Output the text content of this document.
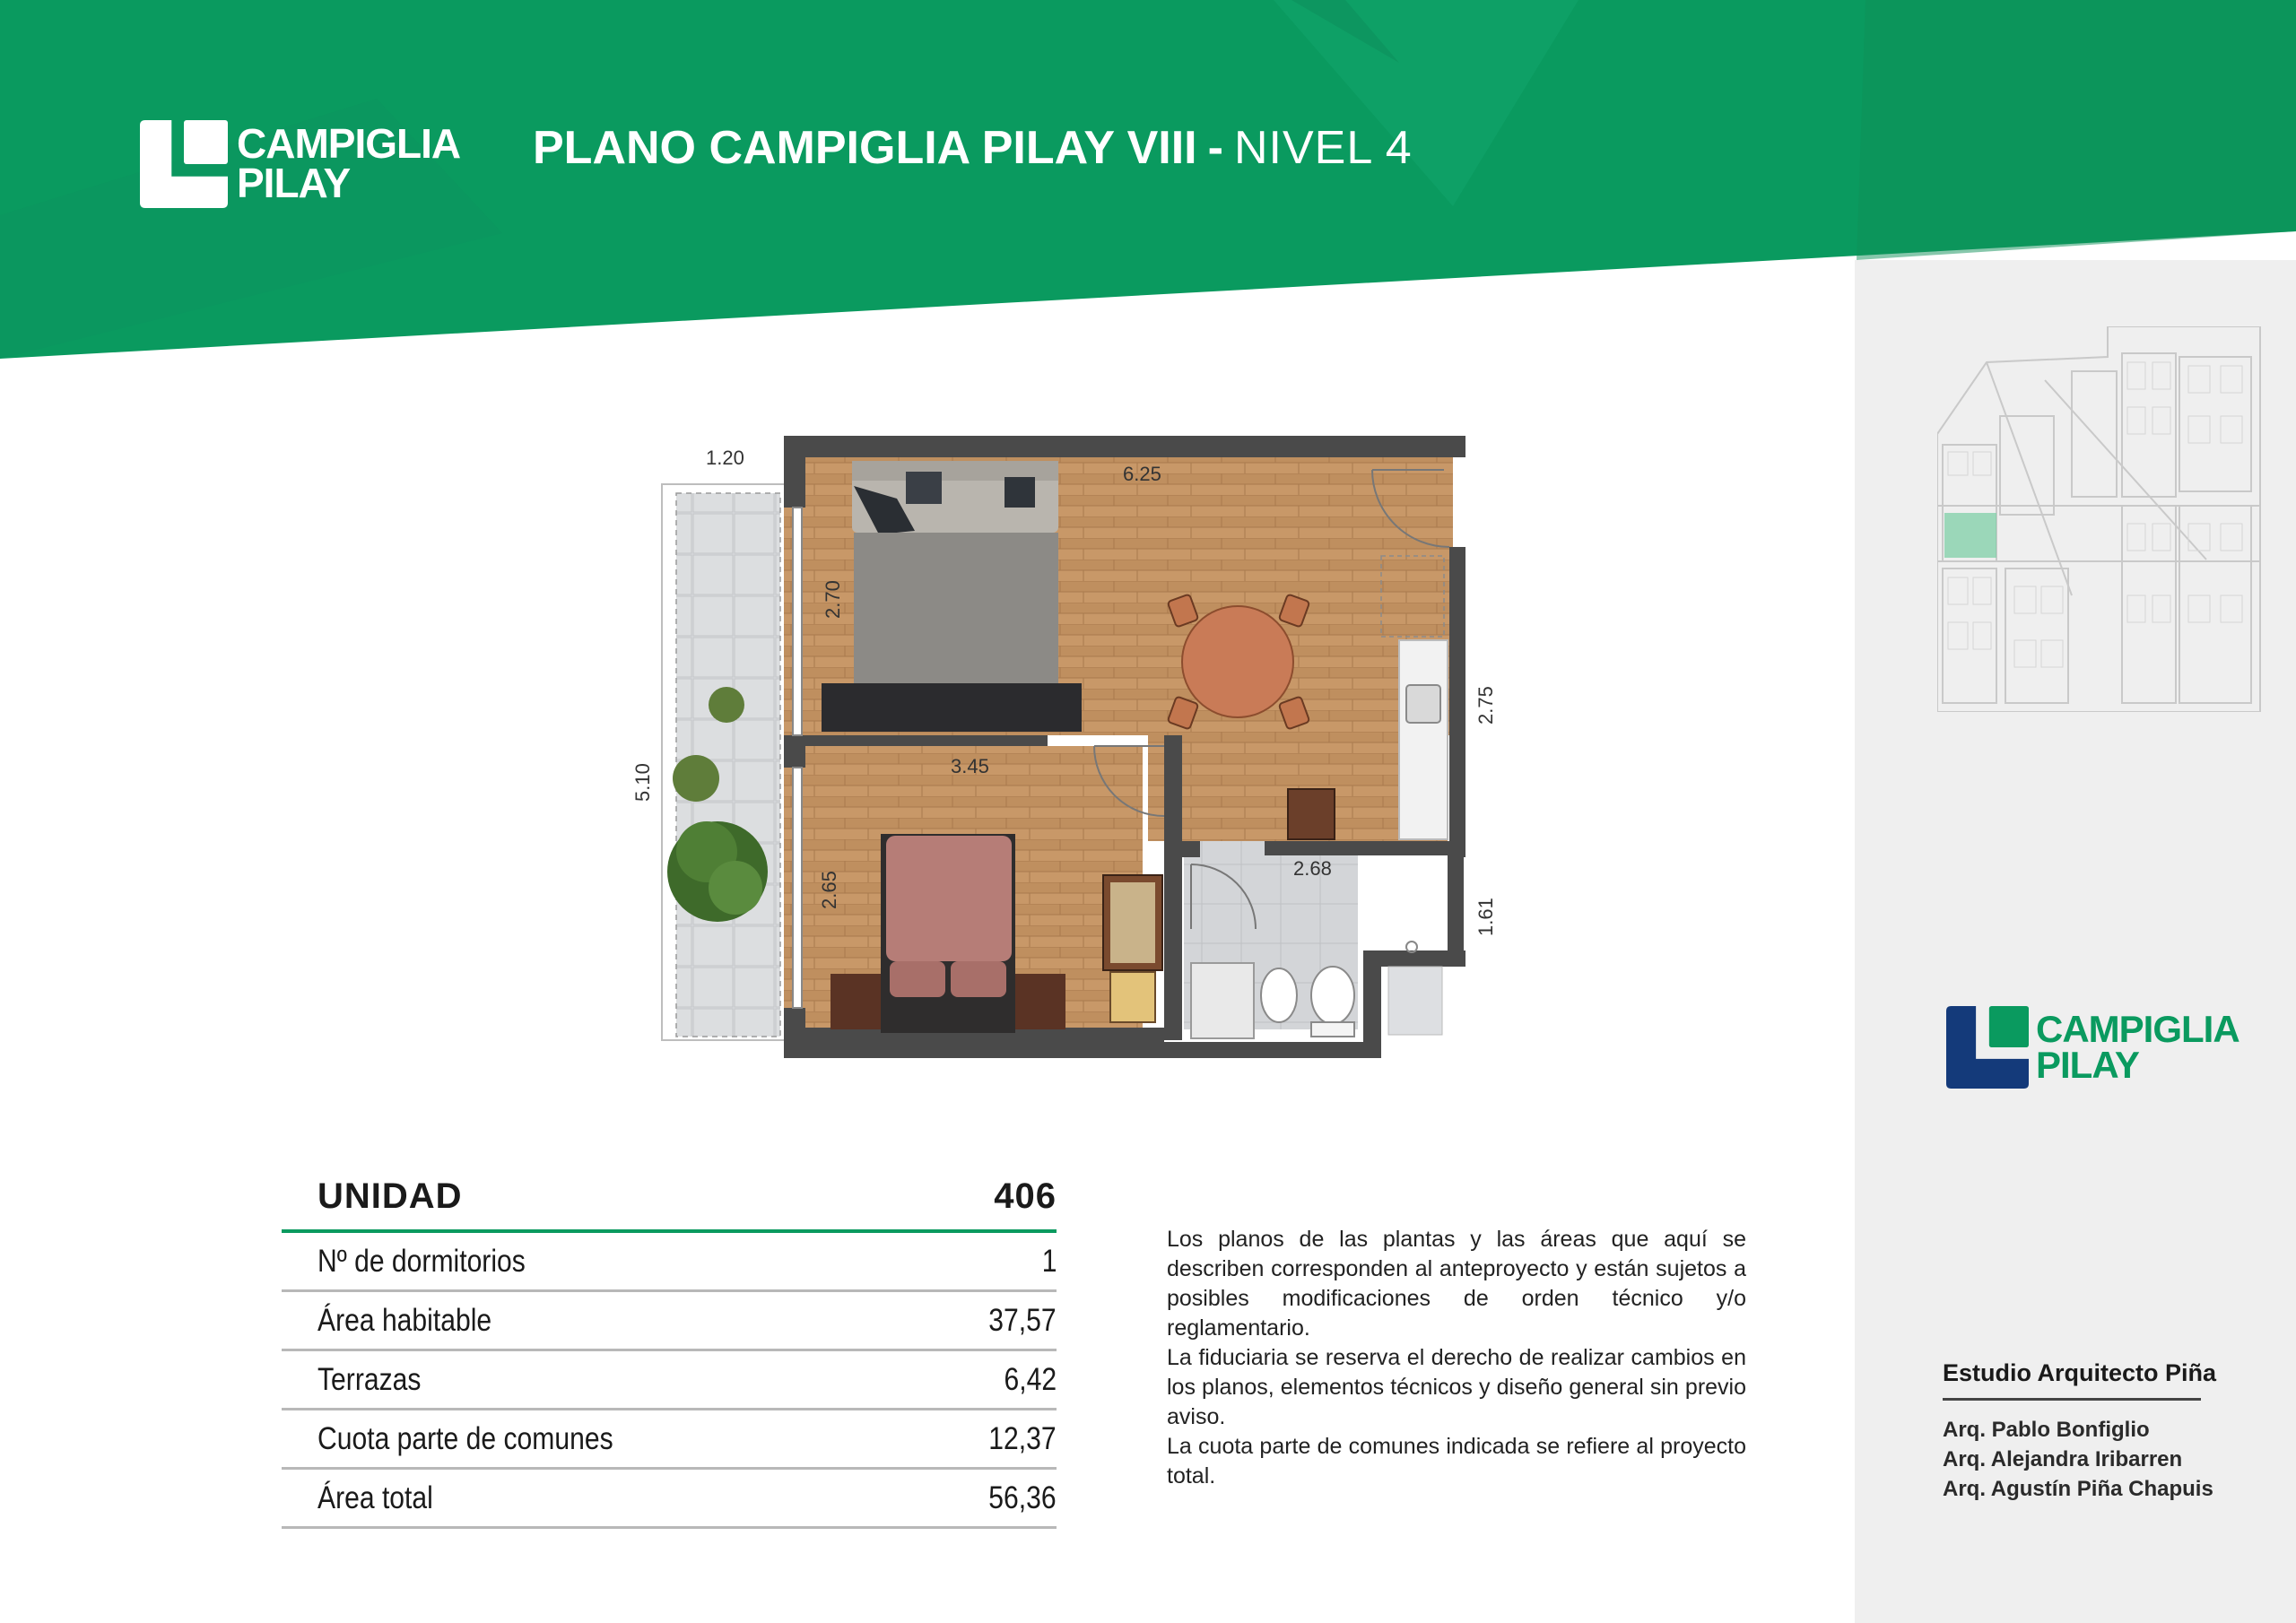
CAMPIGLIA
PILAY
PLANO CAMPIGLIA PILAY VIII - NIVEL 4
1.20
6.25
2.70
5.10
2.75
3.45
2.65
2.68
1.61
CAMPIGLIA
PILAY
UNIDAD	406
Nº de dormitorios	1
Área habitable	37,57
Terrazas	6,42
Cuota parte de comunes	12,37
Área total	56,36

Los planos de las plantas y las áreas que aquí se describen corresponden al anteproyecto y están sujetos a posibles modificaciones de orden técnico y/o reglamentario.

La fiduciaria se reserva el derecho de realizar cambios en los planos, elementos técnicos y diseño general sin previo aviso.

La cuota parte de comunes indicada se refiere al proyecto total.

Estudio Arquitecto Piña
Arq. Pablo Bonfiglio
Arq. Alejandra Iribarren
Arq. Agustín Piña Chapuis
